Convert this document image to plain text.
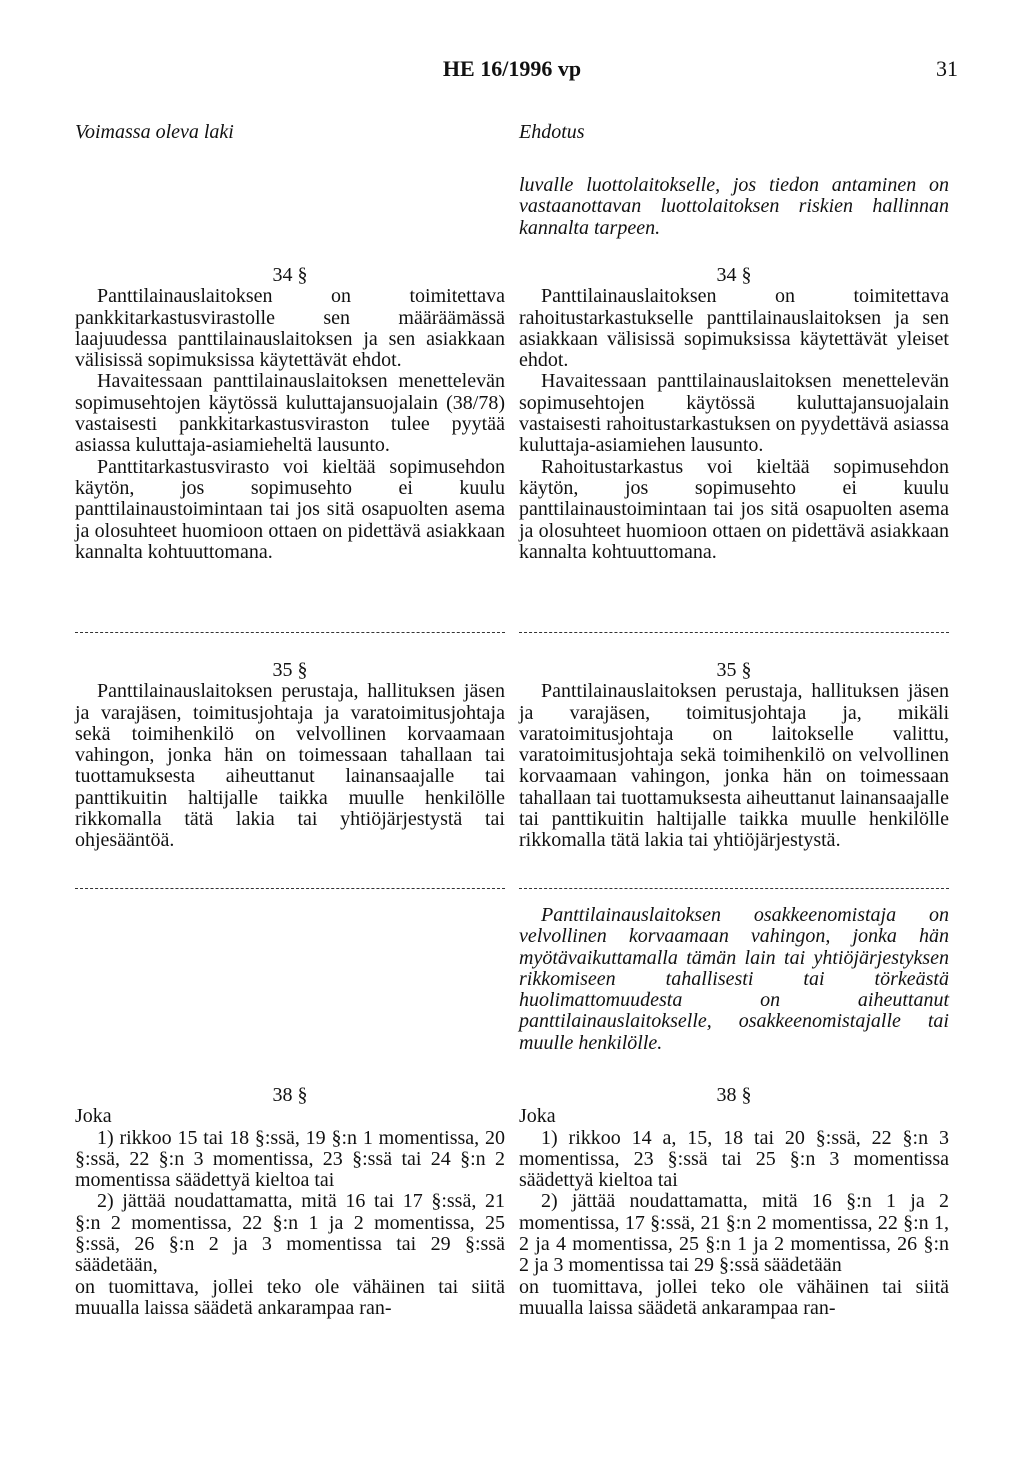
HE 16/1996 vp	31
Voimassa oleva laki	Ehdotus

luvalle luottolaitokselle, jos tiedon antaminen on vastaanottavan luottolaitoksen riskien hallinnan kannalta tarpeen.

34 §

Panttilainauslaitoksen on toimitettava pankkitarkastusvirastolle sen määräämässä laajuudessa panttilainauslaitoksen ja sen asiakkaan välisissä sopimuksissa käytettävät ehdot.

Havaitessaan panttilainauslaitoksen menettelevän sopimusehtojen käytössä kuluttajansuojalain (38/78) vastaisesti pankkitarkastusviraston tulee pyytää asiassa kuluttaja-asiamieheltä lausunto.

Panttitarkastusvirasto voi kieltää sopimusehdon käytön, jos sopimusehto ei kuulu panttilainaustoimintaan tai jos sitä osapuolten asema ja olosuhteet huomioon ottaen on pidettävä asiakkaan kannalta kohtuuttomana.

34 §

Panttilainauslaitoksen on toimitettava rahoitustarkastukselle panttilainauslaitoksen ja sen asiakkaan välisissä sopimuksissa käytettävät yleiset ehdot.

Havaitessaan panttilainauslaitoksen menettelevän sopimusehtojen käytössä kuluttajansuojalain vastaisesti rahoitustarkastuksen on pyydettävä asiassa kuluttaja-asiamiehen lausunto.

Rahoitustarkastus voi kieltää sopimusehdon käytön, jos sopimusehto ei kuulu panttilainaustoimintaan tai jos sitä osapuolten asema ja olosuhteet huomioon ottaen on pidettävä asiakkaan kannalta kohtuuttomana.

35 §

Panttilainauslaitoksen perustaja, hallituksen jäsen ja varajäsen, toimitusjohtaja ja varatoimitusjohtaja sekä toimihenkilö on velvollinen korvaamaan vahingon, jonka hän on toimessaan tahallaan tai tuottamuksesta aiheuttanut lainansaajalle tai panttikuitin haltijalle taikka muulle henkilölle rikkomalla tätä lakia tai yhtiöjärjestystä tai ohjesääntöä.

35 §

Panttilainauslaitoksen perustaja, hallituksen jäsen ja varajäsen, toimitusjohtaja ja, mikäli varatoimitusjohtaja on laitokselle valittu, varatoimitusjohtaja sekä toimihenkilö on velvollinen korvaamaan vahingon, jonka hän on toimessaan tahallaan tai tuottamuksesta aiheuttanut lainansaajalle tai panttikuitin haltijalle taikka muulle henkilölle rikkomalla tätä lakia tai yhtiöjärjestystä.

Panttilainauslaitoksen osakkeenomistaja on velvollinen korvaamaan vahingon, jonka hän myötävaikuttamalla tämän lain tai yhtiöjärjestyksen rikkomiseen tahallisesti tai törkeästä huolimattomuudesta on aiheuttanut panttilainauslaitokselle, osakkeenomistajalle tai muulle henkilölle.

38 §

Joka

1) rikkoo 15 tai 18 §:ssä, 19 §:n 1 momentissa, 20 §:ssä, 22 §:n 3 momentissa, 23 §:ssä tai 24 §:n 2 momentissa säädettyä kieltoa tai

2) jättää noudattamatta, mitä 16 tai 17 §:ssä, 21 §:n 2 momentissa, 22 §:n 1 ja 2 momentissa, 25 §:ssä, 26 §:n 2 ja 3 momentissa tai 29 §:ssä säädetään,

on tuomittava, jollei teko ole vähäinen tai siitä muualla laissa säädetä ankarampaa ran-

38 §

Joka

1) rikkoo 14 a, 15, 18 tai 20 §:ssä, 22 §:n 3 momentissa, 23 §:ssä tai 25 §:n 3 momentissa säädettyä kieltoa tai

2) jättää noudattamatta, mitä 16 §:n 1 ja 2 momentissa, 17 §:ssä, 21 §:n 2 momentissa, 22 §:n 1, 2 ja 4 momentissa, 25 §:n 1 ja 2 momentissa, 26 §:n 2 ja 3 momentissa tai 29 §:ssä säädetään

on tuomittava, jollei teko ole vähäinen tai siitä muualla laissa säädetä ankarampaa ran-
